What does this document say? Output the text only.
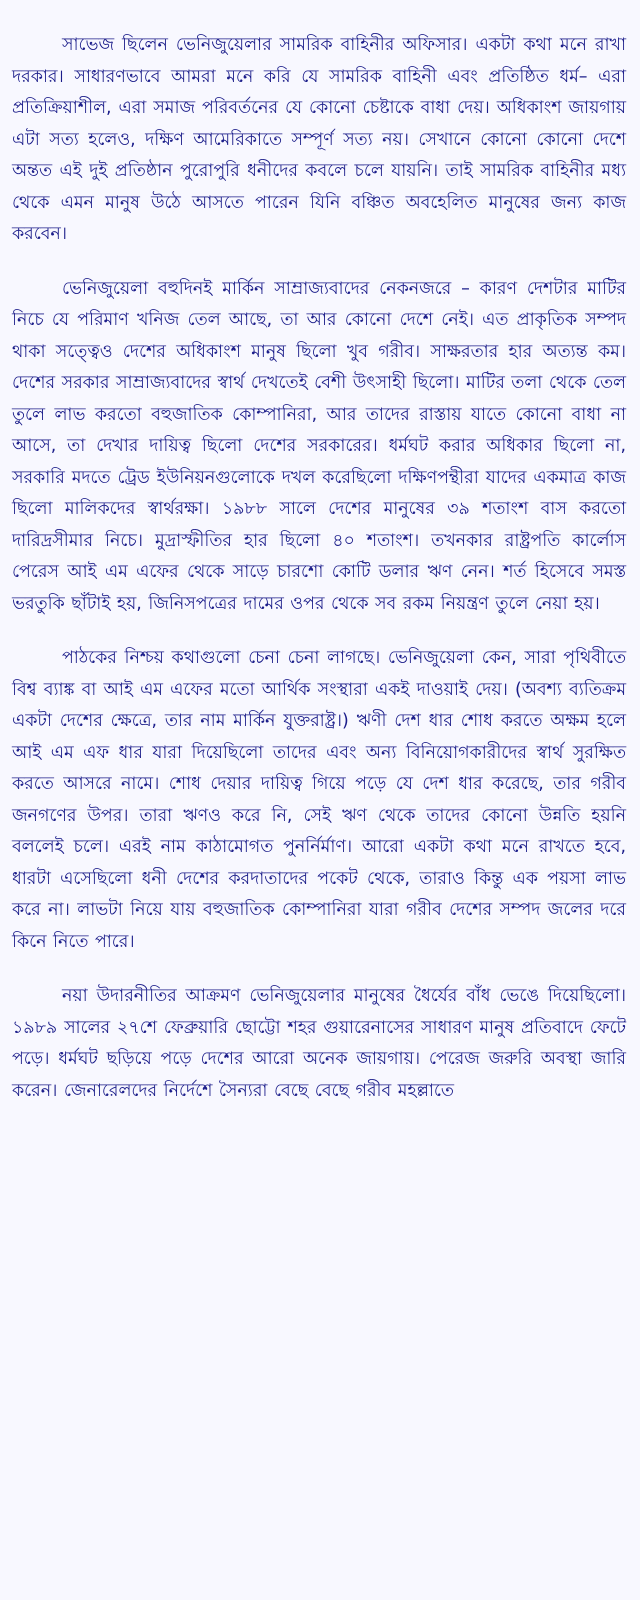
সাভেজ ছিলেন ভেনিজুয়েলার সামরিক বাহিনীর অফিসার। একটা কথা মনে রাখা দরকার। সাধারণভাবে আমরা মনে করি যে সামরিক বাহিনী এবং প্রতিষ্ঠিত ধর্ম– এরা প্রতিক্রিয়াশীল, এরা সমাজ পরিবর্তনের যে কোনো চেষ্টাকে বাধা দেয়। অধিকাংশ জায়গায় এটা সত্য হলেও, দক্ষিণ আমেরিকাতে সম্পূর্ণ সত্য নয়। সেখানে কোনো কোনো দেশে অন্তত এই দুই প্রতিষ্ঠান পুরোপুরি ধনীদের কবলে চলে যায়নি। তাই সামরিক বাহিনীর মধ্য থেকে এমন মানুষ উঠে আসতে পারেন যিনি বঞ্চিত অবহেলিত মানুষের জন্য কাজ করবেন।

ভেনিজুয়েলা বহুদিনই মার্কিন সাম্রাজ্যবাদের নেকনজরে – কারণ দেশটার মাটির নিচে যে পরিমাণ খনিজ তেল আছে, তা আর কোনো দেশে নেই। এত প্রাকৃতিক সম্পদ থাকা সত্ত্বেও দেশের অধিকাংশ মানুষ ছিলো খুব গরীব। সাক্ষরতার হার অত্যন্ত কম। দেশের সরকার সাম্রাজ্যবাদের স্বার্থ দেখতেই বেশী উৎসাহী ছিলো। মাটির তলা থেকে তেল তুলে লাভ করতো বহুজাতিক কোম্পানিরা, আর তাদের রাস্তায় যাতে কোনো বাধা না আসে, তা দেখার দায়িত্ব ছিলো দেশের সরকারের। ধর্মঘট করার অধিকার ছিলো না, সরকারি মদতে ট্রেড ইউনিয়নগুলোকে দখল করেছিলো দক্ষিণপন্থীরা যাদের একমাত্র কাজ ছিলো মালিকদের স্বার্থরক্ষা। ১৯৮৮ সালে দেশের মানুষের ৩৯ শতাংশ বাস করতো দারিদ্রসীমার নিচে। মুদ্রাস্ফীতির হার ছিলো ৪০ শতাংশ। তখনকার রাষ্ট্রপতি কার্লোস পেরেস আই এম এফের থেকে সাড়ে চারশো কোটি ডলার ঋণ নেন। শর্ত হিসেবে সমস্ত ভরতুকি ছাঁটাই হয়, জিনিসপত্রের দামের ওপর থেকে সব রকম নিয়ন্ত্রণ তুলে নেয়া হয়।

পাঠকের নিশ্চয় কথাগুলো চেনা চেনা লাগছে। ভেনিজুয়েলা কেন, সারা পৃথিবীতে বিশ্ব ব্যাঙ্ক বা আই এম এফের মতো আর্থিক সংস্থারা একই দাওয়াই দেয়। (অবশ্য ব্যতিক্রম একটা দেশের ক্ষেত্রে, তার নাম মার্কিন যুক্তরাষ্ট্র।) ঋণী দেশ ধার শোধ করতে অক্ষম হলে আই এম এফ ধার যারা দিয়েছিলো তাদের এবং অন্য বিনিয়োগকারীদের স্বার্থ সুরক্ষিত করতে আসরে নামে। শোধ দেয়ার দায়িত্ব গিয়ে পড়ে যে দেশ ধার করেছে, তার গরীব জনগণের উপর। তারা ঋণও করে নি, সেই ঋণ থেকে তাদের কোনো উন্নতি হয়নি বললেই চলে। এরই নাম কাঠামোগত পুনর্নির্মাণ। আরো একটা কথা মনে রাখতে হবে, ধারটা এসেছিলো ধনী দেশের করদাতাদের পকেট থেকে, তারাও কিন্তু এক পয়সা লাভ করে না। লাভটা নিয়ে যায় বহুজাতিক কোম্পানিরা যারা গরীব দেশের সম্পদ জলের দরে কিনে নিতে পারে।

নয়া উদারনীতির আক্রমণ ভেনিজুয়েলার মানুষের ধৈর্যের বাঁধ ভেঙে দিয়েছিলো। ১৯৮৯ সালের ২৭শে ফেব্রুয়ারি ছোট্টো শহর গুয়ারেনাসের সাধারণ মানুষ প্রতিবাদে ফেটে পড়ে। ধর্মঘট ছড়িয়ে পড়ে দেশের আরো অনেক জায়গায়। পেরেজ জরুরি অবস্থা জারি করেন। জেনারেলদের নির্দেশে সৈন্যরা বেছে বেছে গরীব মহল্লাতে
